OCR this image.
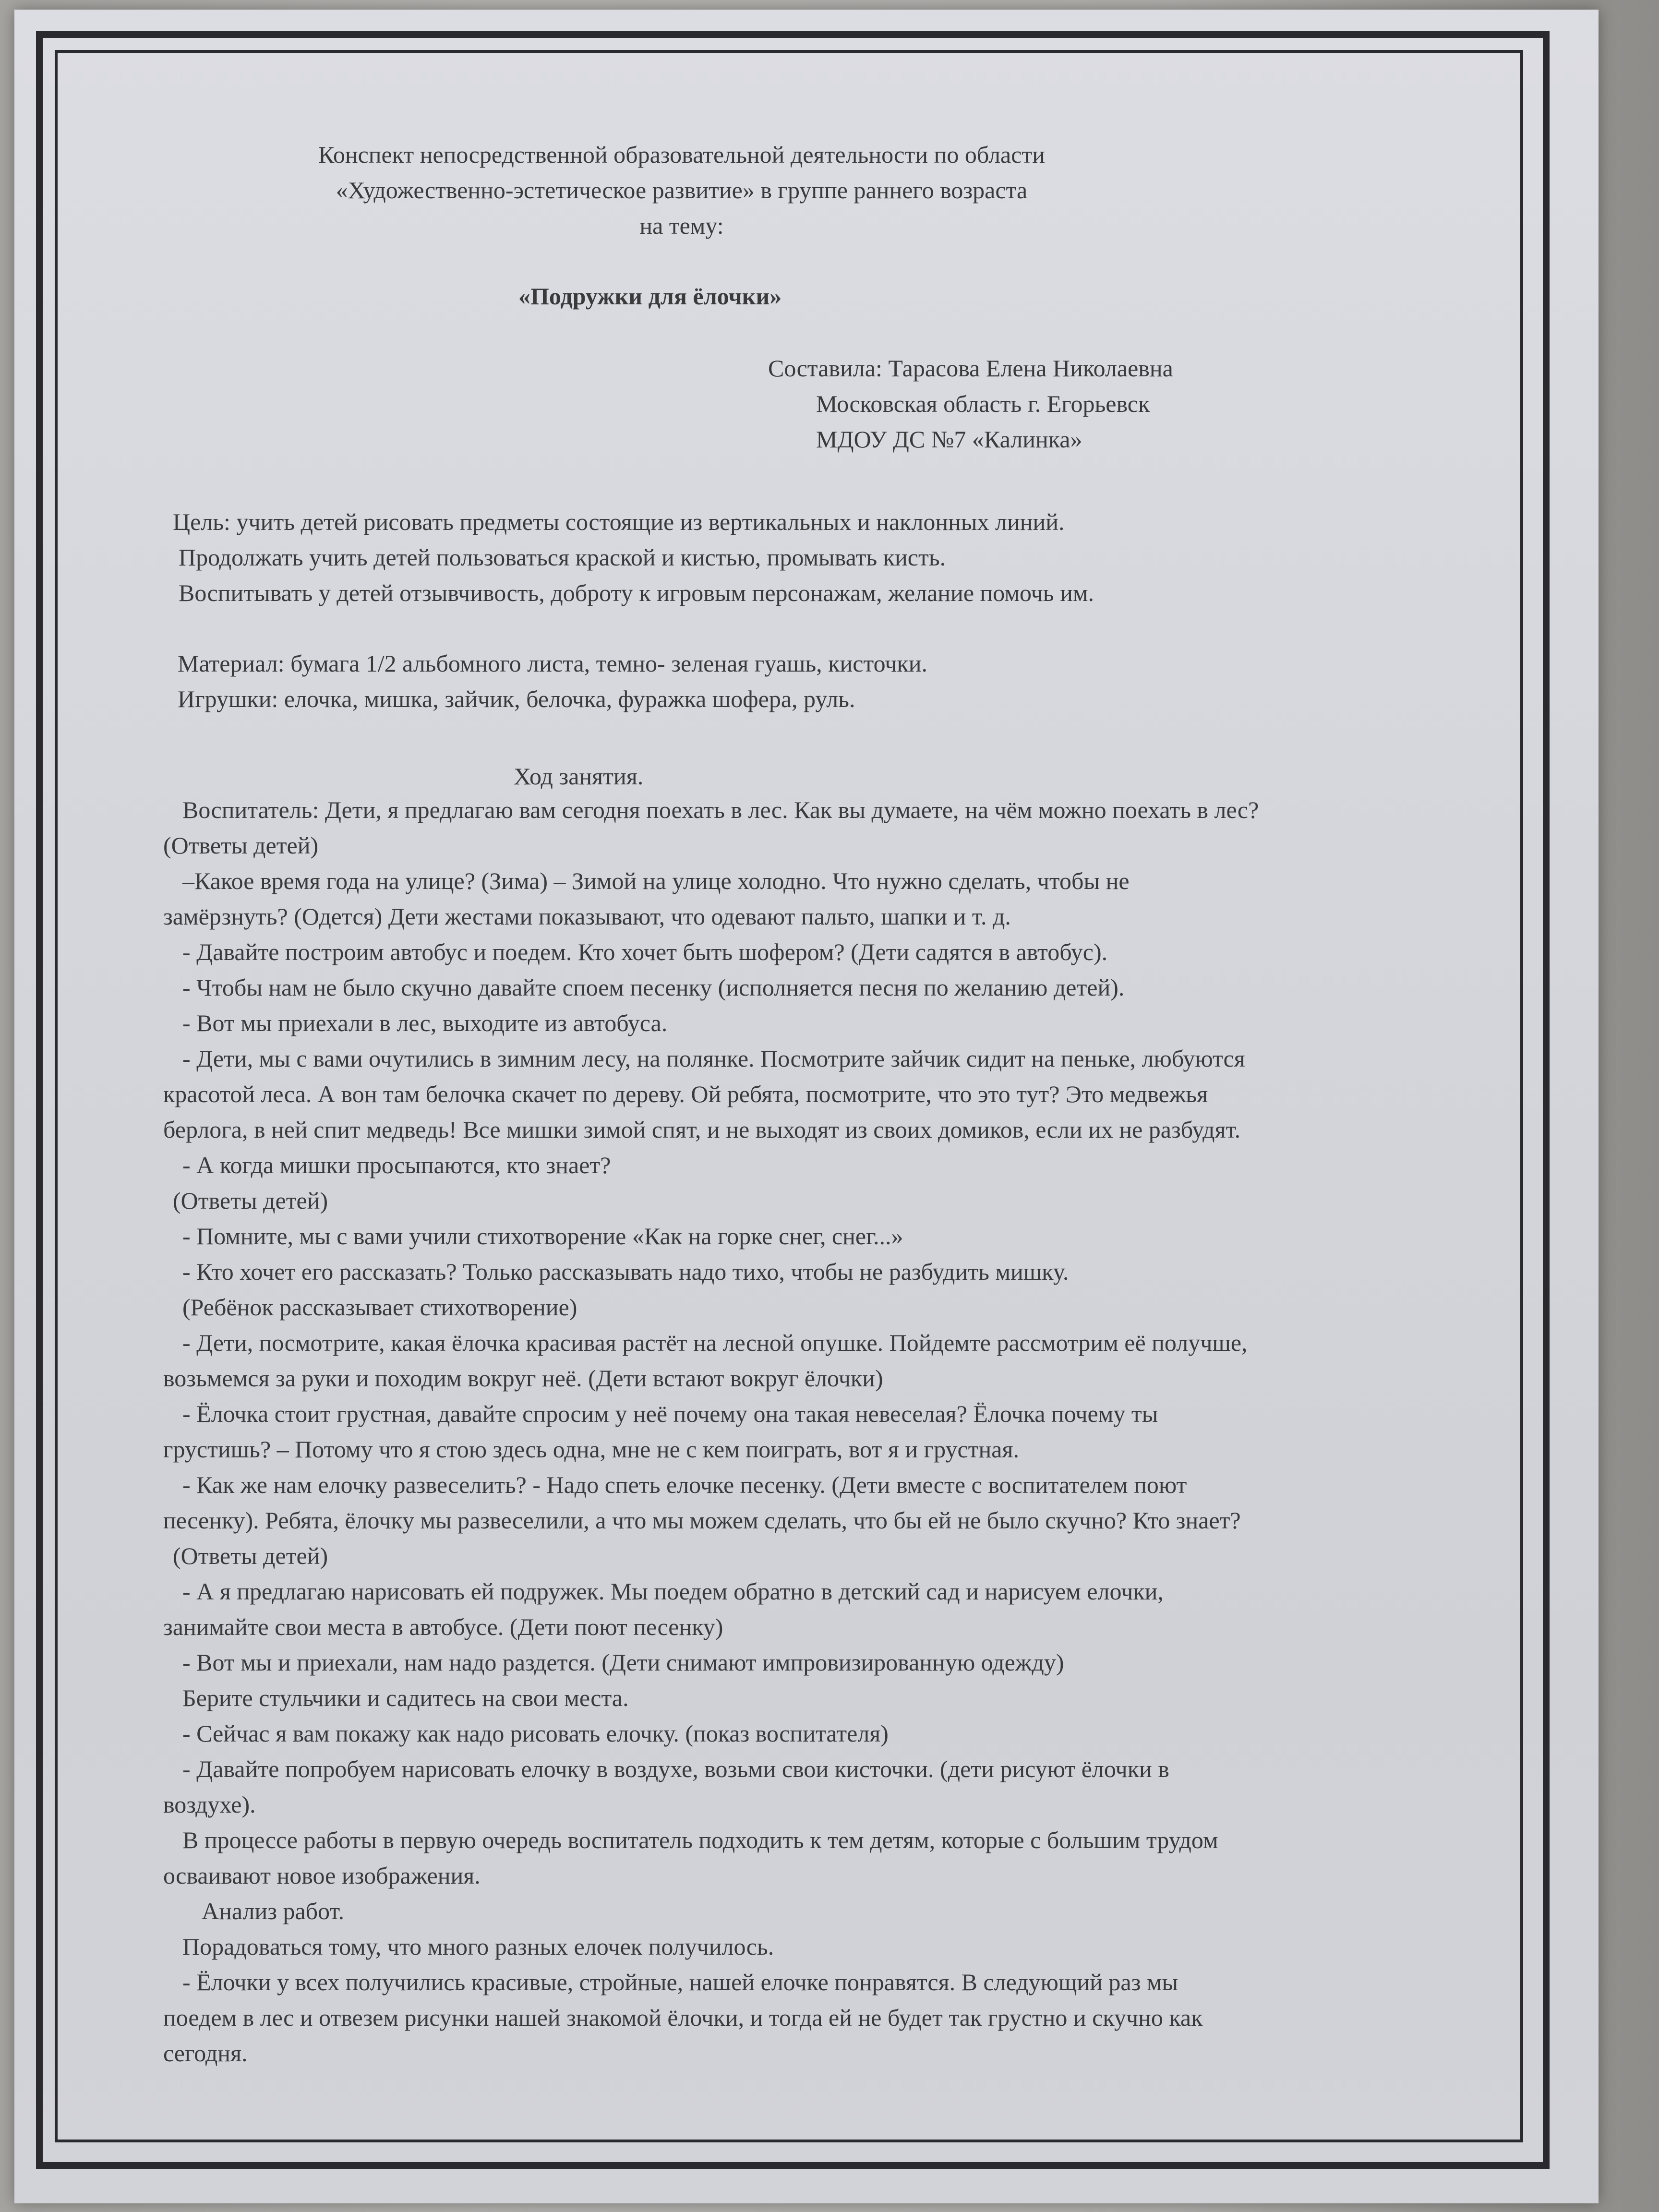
Конспект непосредственной образовательной деятельности по области
«Художественно-эстетическое развитие» в группе раннего возраста
на тему:
«Подружки для ёлочки»
Составила: Тарасова Елена Николаевна
Московская область г. Егорьевск
МДОУ ДС №7 «Калинка»
Цель: учить детей рисовать предметы состоящие из вертикальных и наклонных линий.
Продолжать учить детей пользоваться краской и кистью, промывать кисть.
Воспитывать у детей отзывчивость, доброту к игровым персонажам, желание помочь им.
Материал: бумага 1/2 альбомного листа, темно- зеленая гуашь, кисточки.
Игрушки: елочка, мишка, зайчик, белочка, фуражка шофера, руль.
Ход занятия.
Воспитатель: Дети, я предлагаю вам сегодня поехать в лес. Как вы думаете, на чём можно поехать в лес?
(Ответы детей)
–Какое время года на улице? (Зима) – Зимой на улице холодно. Что нужно сделать, чтобы не
замёрзнуть? (Одется) Дети жестами показывают, что одевают пальто, шапки и т. д.
- Давайте построим автобус и поедем. Кто хочет быть шофером? (Дети садятся в автобус).
- Чтобы нам не было скучно давайте споем песенку (исполняется песня по желанию детей).
- Вот мы приехали в лес, выходите из автобуса.
- Дети, мы с вами очутились в зимним лесу, на полянке. Посмотрите зайчик сидит на пеньке, любуются
красотой леса. А вон там белочка скачет по дереву. Ой ребята, посмотрите, что это тут? Это медвежья
берлога, в ней спит медведь! Все мишки зимой спят, и не выходят из своих домиков, если их не разбудят.
- А когда мишки просыпаются, кто знает?
(Ответы детей)
- Помните, мы с вами учили стихотворение «Как на горке снег, снег...»
- Кто хочет его рассказать? Только рассказывать надо тихо, чтобы не разбудить мишку.
(Ребёнок рассказывает стихотворение)
- Дети, посмотрите, какая ёлочка красивая растёт на лесной опушке. Пойдемте рассмотрим её получше,
возьмемся за руки и походим вокруг неё. (Дети встают вокруг ёлочки)
- Ёлочка стоит грустная, давайте спросим у неё почему она такая невеселая? Ёлочка почему ты
грустишь? – Потому что я стою здесь одна, мне не с кем поиграть, вот я и грустная.
- Как же нам елочку развеселить? - Надо спеть елочке песенку. (Дети вместе с воспитателем поют
песенку). Ребята, ёлочку мы развеселили, а что мы можем сделать, что бы ей не было скучно? Кто знает?
(Ответы детей)
- А я предлагаю нарисовать ей подружек. Мы поедем обратно в детский сад и нарисуем елочки,
занимайте свои места в автобусе. (Дети поют песенку)
- Вот мы и приехали, нам надо раздется. (Дети снимают импровизированную одежду)
Берите стульчики и садитесь на свои места.
- Сейчас я вам покажу как надо рисовать елочку. (показ воспитателя)
- Давайте попробуем нарисовать елочку в воздухе, возьми свои кисточки. (дети рисуют ёлочки в
воздухе).
В процессе работы в первую очередь воспитатель подходить к тем детям, которые с большим трудом
осваивают новое изображения.
Анализ работ.
Порадоваться тому, что много разных елочек получилось.
- Ёлочки у всех получились красивые, стройные, нашей елочке понравятся. В следующий раз мы
поедем в лес и отвезем рисунки нашей знакомой ёлочки, и тогда ей не будет так грустно и скучно как
сегодня.
